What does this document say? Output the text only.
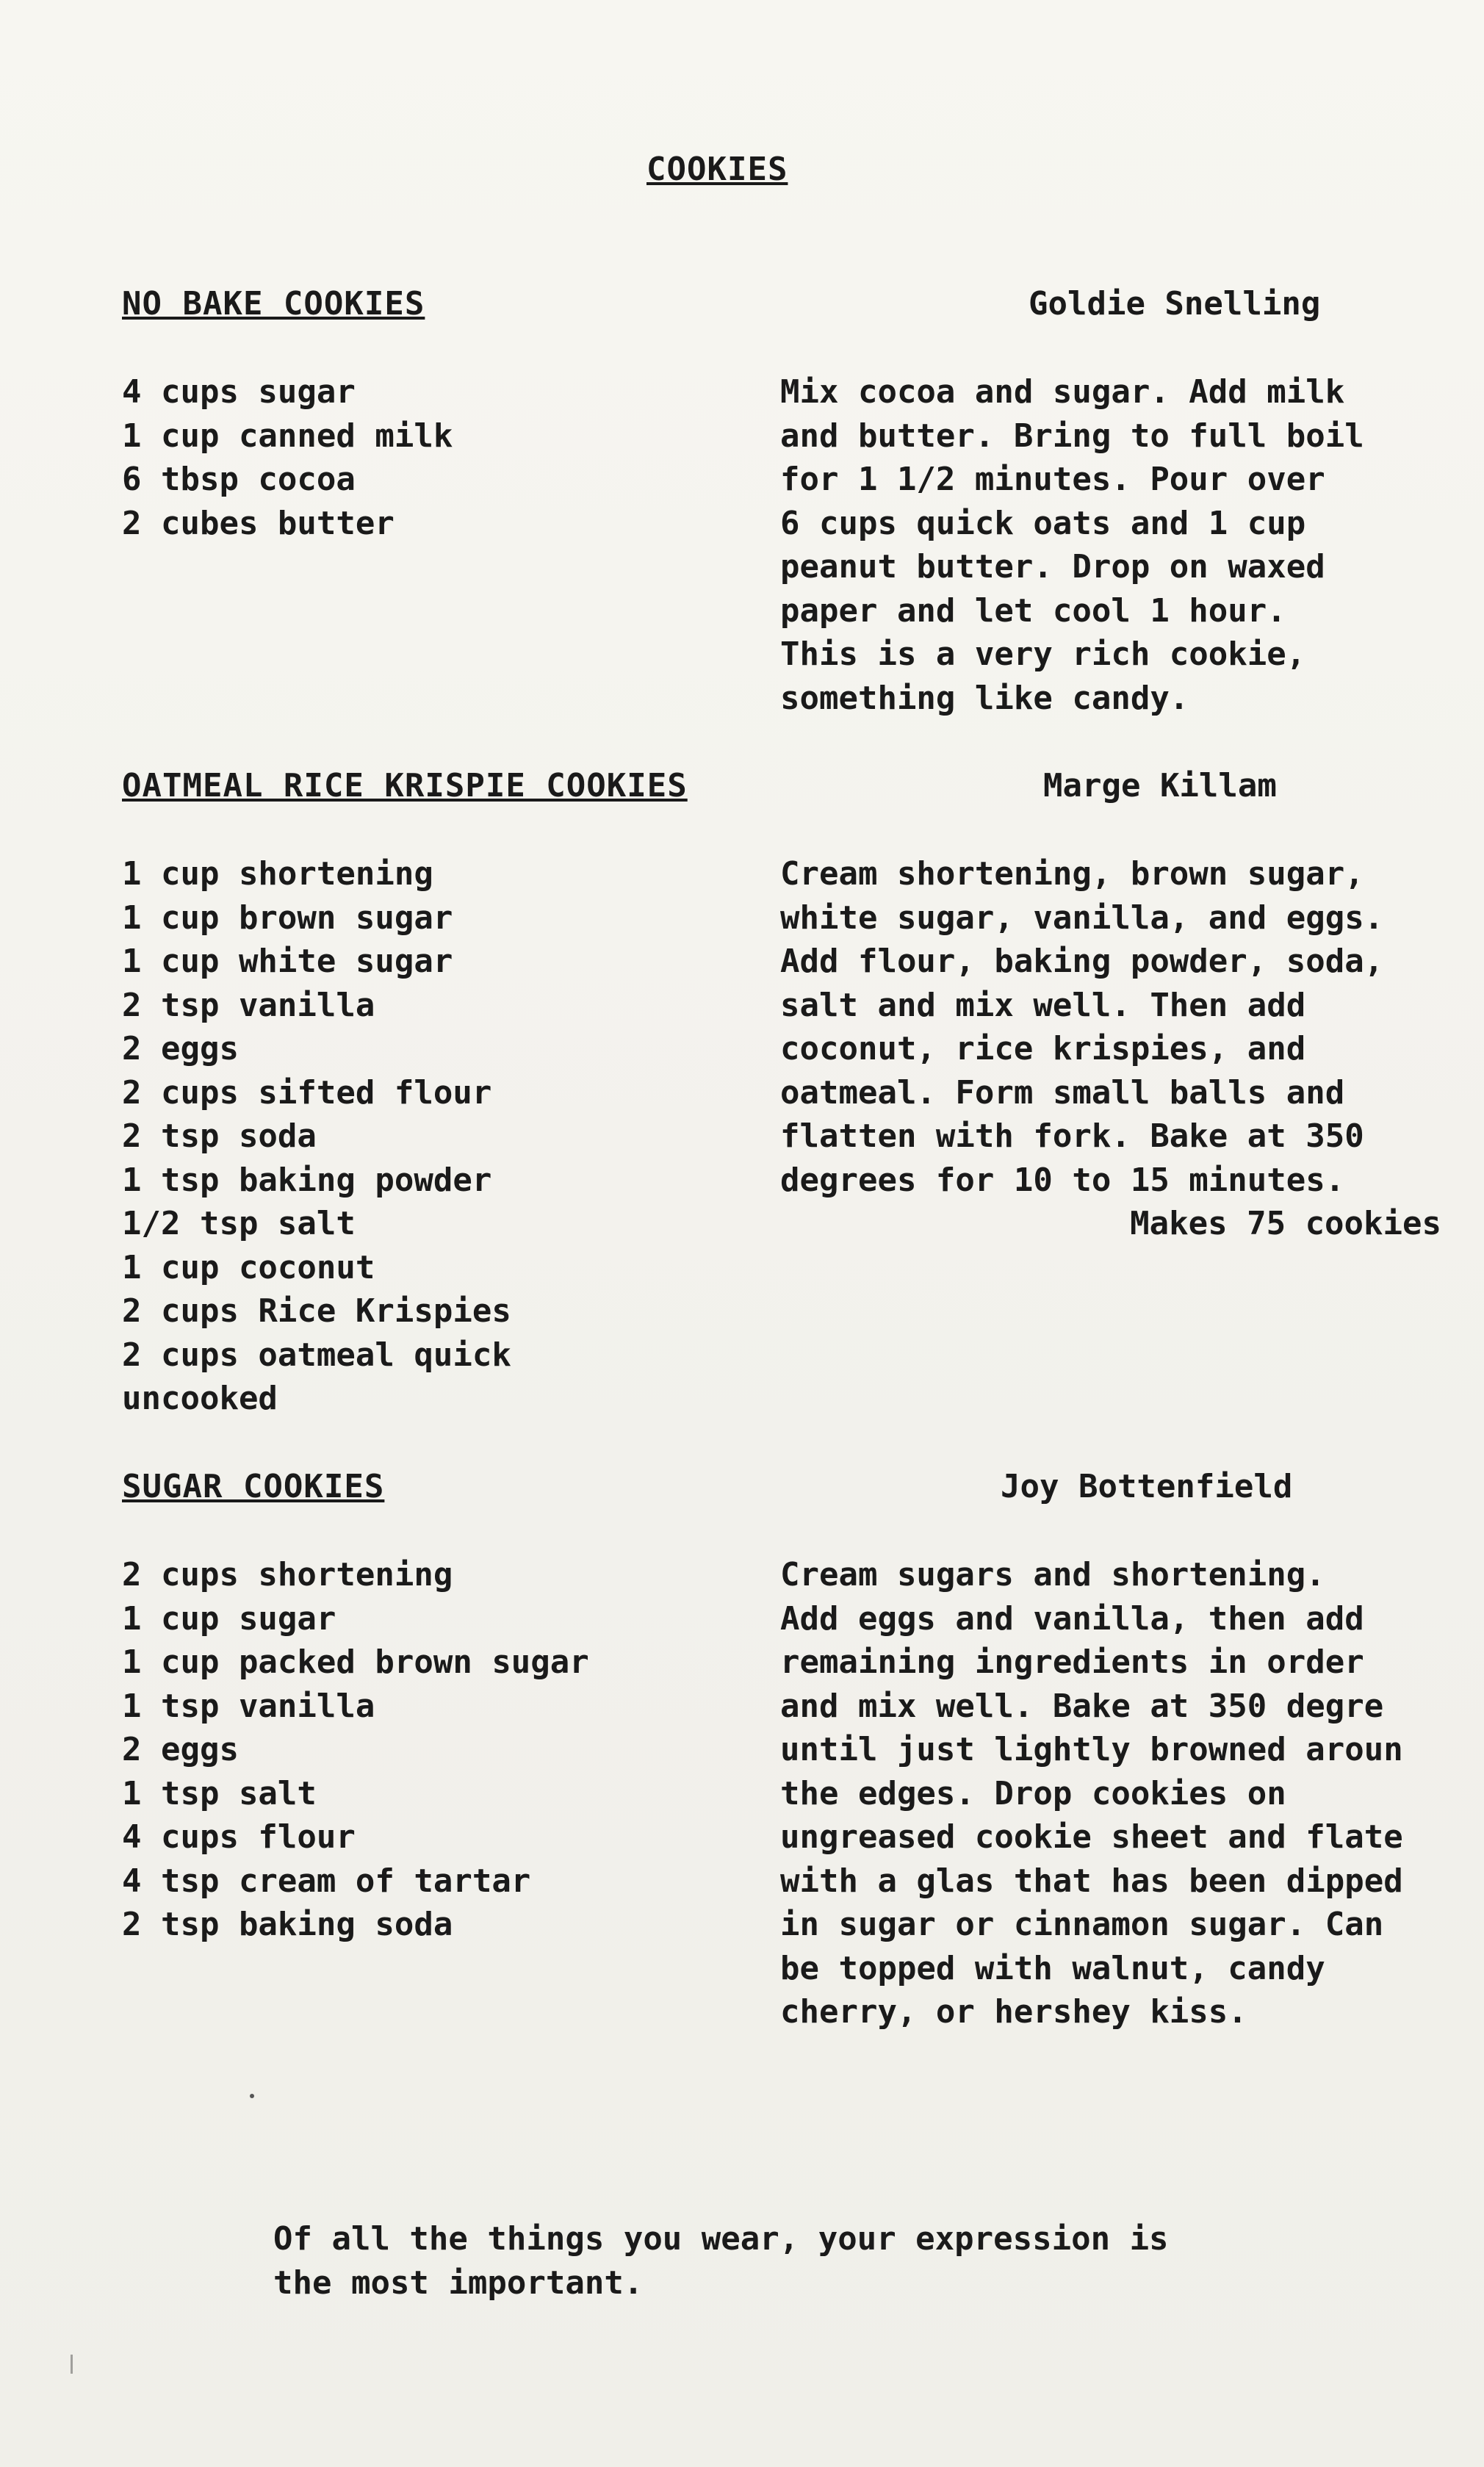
COOKIES
NO BAKE COOKIES	Goldie Snelling
4 cups sugar
1 cup canned milk
6 tbsp cocoa
2 cubes butter
Mix cocoa and sugar. Add milk
and butter. Bring to full boil
for 1 1/2 minutes. Pour over
6 cups quick oats and 1 cup
peanut butter. Drop on waxed
paper and let cool 1 hour.
This is a very rich cookie,
something like candy.
OATMEAL RICE KRISPIE COOKIES	Marge Killam
1 cup shortening
1 cup brown sugar
1 cup white sugar
2 tsp vanilla
2 eggs
2 cups sifted flour
2 tsp soda
1 tsp baking powder
1/2 tsp salt
1 cup coconut
2 cups Rice Krispies
2 cups oatmeal quick
uncooked
Cream shortening, brown sugar,
white sugar, vanilla, and eggs.
Add flour, baking powder, soda,
salt and mix well. Then add
coconut, rice krispies, and
oatmeal. Form small balls and
flatten with fork. Bake at 350
degrees for 10 to 15 minutes.
Makes 75 cookies
SUGAR COOKIES	Joy Bottenfield
2 cups shortening
1 cup sugar
1 cup packed brown sugar
1 tsp vanilla
2 eggs
1 tsp salt
4 cups flour
4 tsp cream of tartar
2 tsp baking soda
Cream sugars and shortening.
Add eggs and vanilla, then add
remaining ingredients in order
and mix well. Bake at 350 degre
until just lightly browned aroun
the edges. Drop cookies on
ungreased cookie sheet and flate
with a glas that has been dipped
in sugar or cinnamon sugar. Can
be topped with walnut, candy
cherry, or hershey kiss.
Of all the things you wear, your expression is
the most important.
